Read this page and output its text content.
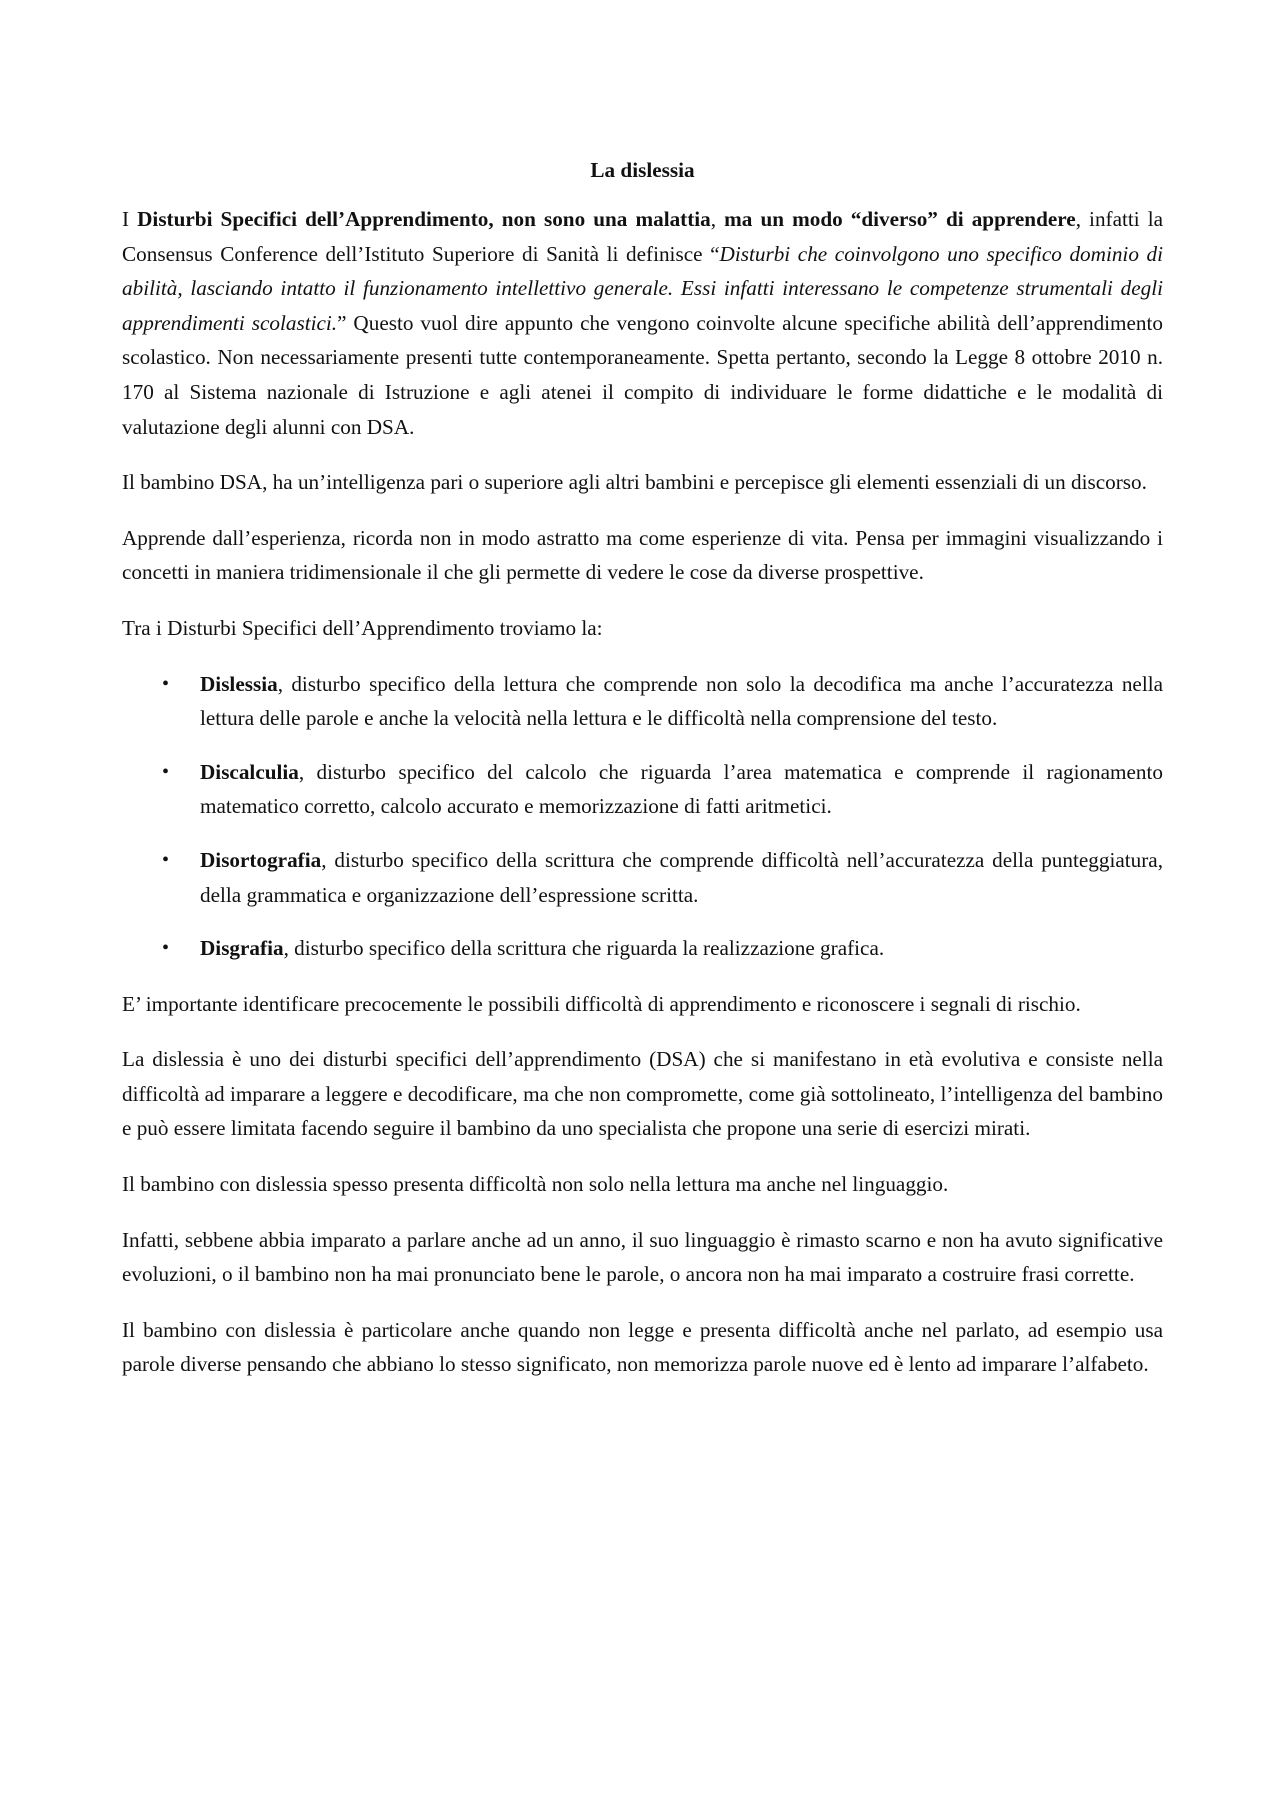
La dislessia

I Disturbi Specifici dell’Apprendimento, non sono una malattia, ma un modo “diverso” di apprendere, infatti la Consensus Conference dell’Istituto Superiore di Sanità li definisce “Disturbi che coinvolgono uno specifico dominio di abilità, lasciando intatto il funzionamento intellettivo generale. Essi infatti interessano le competenze strumentali degli apprendimenti scolastici.” Questo vuol dire appunto che vengono coinvolte alcune specifiche abilità dell’apprendimento scolastico. Non necessariamente presenti tutte contemporaneamente. Spetta pertanto, secondo la Legge 8 ottobre 2010 n. 170 al Sistema nazionale di Istruzione e agli atenei il compito di individuare le forme didattiche e le modalità di valutazione degli alunni con DSA.

Il bambino DSA, ha un’intelligenza pari o superiore agli altri bambini e percepisce gli elementi essenziali di un discorso.

Apprende dall’esperienza, ricorda non in modo astratto ma come esperienze di vita. Pensa per immagini visualizzando i concetti in maniera tridimensionale il che gli permette di vedere le cose da diverse prospettive.

Tra i Disturbi Specifici dell’Apprendimento troviamo la:

• Dislessia, disturbo specifico della lettura che comprende non solo la decodifica ma anche l’accuratezza nella lettura delle parole e anche la velocità nella lettura e le difficoltà nella comprensione del testo.
• Discalculia, disturbo specifico del calcolo che riguarda l’area matematica e comprende il ragionamento matematico corretto, calcolo accurato e memorizzazione di fatti aritmetici.
• Disortografia, disturbo specifico della scrittura che comprende difficoltà nell’accuratezza della punteggiatura, della grammatica e organizzazione dell’espressione scritta.
• Disgrafia, disturbo specifico della scrittura che riguarda la realizzazione grafica.

E’ importante identificare precocemente le possibili difficoltà di apprendimento e riconoscere i segnali di rischio.

La dislessia è uno dei disturbi specifici dell’apprendimento (DSA) che si manifestano in età evolutiva e consiste nella difficoltà ad imparare a leggere e decodificare, ma che non compromette, come già sottolineato, l’intelligenza del bambino e può essere limitata facendo seguire il bambino da uno specialista che propone una serie di esercizi mirati.

Il bambino con dislessia spesso presenta difficoltà non solo nella lettura ma anche nel linguaggio.

Infatti, sebbene abbia imparato a parlare anche ad un anno, il suo linguaggio è rimasto scarno e non ha avuto significative evoluzioni, o il bambino non ha mai pronunciato bene le parole, o ancora non ha mai imparato a costruire frasi corrette.

Il bambino con dislessia è particolare anche quando non legge e presenta difficoltà anche nel parlato, ad esempio usa parole diverse pensando che abbiano lo stesso significato, non memorizza parole nuove ed è lento ad imparare l’alfabeto.
